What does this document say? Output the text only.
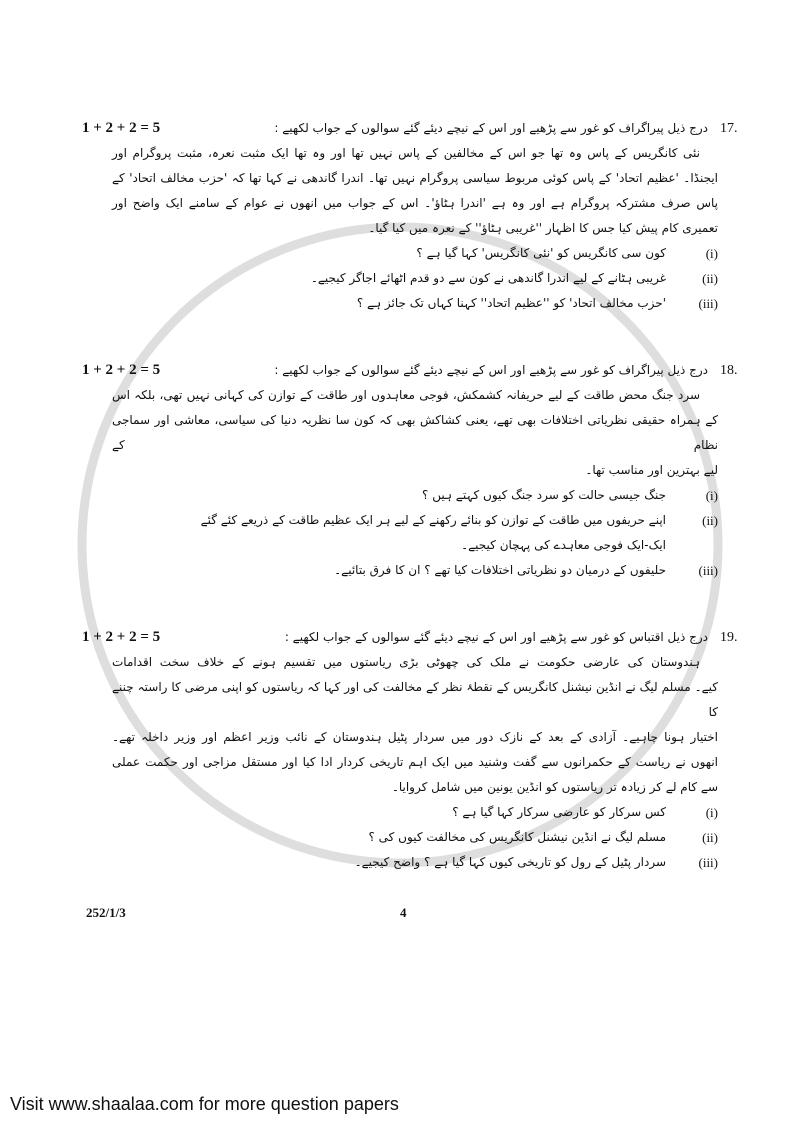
1 + 2 + 2 = 5	درج ذیل پیراگراف کو غور سے پڑھیے اور اس کے نیچے دیئے گئے سوالوں کے جواب لکھیے : 17.
نئی کانگریس کے پاس وہ تھا جو اس کے مخالفین کے پاس نہیں تھا اور وہ تھا ایک مثبت نعرہ، مثبت پروگرام اور
ایجنڈا۔ 'عظیم اتحاد' کے پاس کوئی مربوط سیاسی پروگرام نہیں تھا۔ اندرا گاندھی نے کہا تھا کہ 'حزب مخالف اتحاد' کے
پاس صرف مشترکہ پروگرام ہے اور وہ ہے 'اندرا ہٹاؤ'۔ اس کے جواب میں انھوں نے عوام کے سامنے ایک واضح اور
تعمیری کام پیش کیا جس کا اظہار ''غریبی ہٹاؤ'' کے نعرہ میں کیا گیا۔
(i)
کون سی کانگریس کو 'نئی کانگریس' کہا گیا ہے ؟
(ii)
غریبی ہٹانے کے لیے اندرا گاندھی نے کون سے دو قدم اٹھائے اجاگر کیجیے۔
(iii)
'حزب مخالف اتحاد' کو ''عظیم اتحاد'' کہنا کہاں تک جائز ہے ؟
1 + 2 + 2 = 5	درج ذیل پیراگراف کو غور سے پڑھیے اور اس کے نیچے دیئے گئے سوالوں کے جواب لکھیے : 18.
سرد جنگ محض طاقت کے لیے حریفانہ کشمکش، فوجی معاہدوں اور طاقت کے توازن کی کہانی نہیں تھی، بلکہ اس
کے ہمراہ حقیقی نظریاتی اختلافات بھی تھے، یعنی کشاکش بھی کہ کون سا نظریہ دنیا کی سیاسی، معاشی اور سماجی نظام کے
لیے بہترین اور مناسب تھا۔
(i)
جنگ جیسی حالت کو سرد جنگ کیوں کہتے ہیں ؟
(ii)
اپنے حریفوں میں طاقت کے توازن کو بنائے رکھنے کے لیے ہر ایک عظیم طاقت کے ذریعے کئے گئے
ایک-ایک فوجی معاہدے کی پہچان کیجیے۔
(iii)
حلیفوں کے درمیان دو نظریاتی اختلافات کیا تھے ؟ ان کا فرق بتائیے۔
1 + 2 + 2 = 5	درج ذیل اقتباس کو غور سے پڑھیے اور اس کے نیچے دیئے گئے سوالوں کے جواب لکھیے : 19.
ہندوستان کی عارضی حکومت نے ملک کی چھوٹی بڑی ریاستوں میں تقسیم ہونے کے خلاف سخت اقدامات
کیے۔ مسلم لیگ نے انڈین نیشنل کانگریس کے نقطۂ نظر کے مخالفت کی اور کہا کہ ریاستوں کو اپنی مرضی کا راستہ چننے کا
اختیار ہونا چاہیے۔ آزادی کے بعد کے نازک دور میں سردار پٹیل ہندوستان کے نائب وزیر اعظم اور وزیر داخلہ تھے۔
انھوں نے ریاست کے حکمرانوں سے گفت وشنید میں ایک اہم تاریخی کردار ادا کیا اور مستقل مزاجی اور حکمت عملی
سے کام لے کر زیادہ تر ریاستوں کو انڈین یونین میں شامل کروایا۔
(i)
کس سرکار کو عارضی سرکار کہا گیا ہے ؟
(ii)
مسلم لیگ نے انڈین نیشنل کانگریس کی مخالفت کیوں کی ؟
(iii)
سردار پٹیل کے رول کو تاریخی کیوں کہا گیا ہے ؟ واضح کیجیے۔
252/1/3	4
Visit www.shaalaa.com for more question papers
